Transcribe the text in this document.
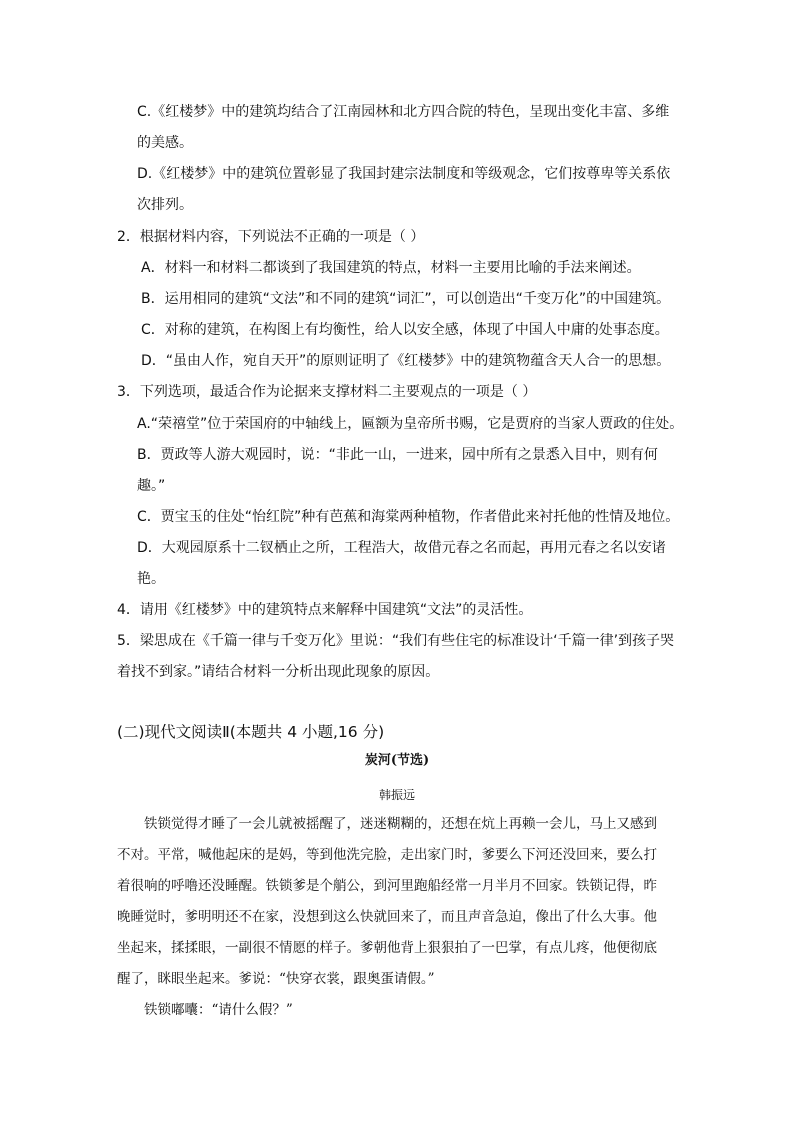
C.《红楼梦》中的建筑均结合了江南园林和北方四合院的特色，呈现出变化丰富、多维
的美感。
D.《红楼梦》中的建筑位置彰显了我国封建宗法制度和等级观念，它们按尊卑等关系依
次排列。
2．根据材料内容，下列说法不正确的一项是（ ）
A．材料一和材料二都谈到了我国建筑的特点，材料一主要用比喻的手法来阐述。
B．运用相同的建筑“文法”和不同的建筑“词汇”，可以创造出“千变万化”的中国建筑。
C．对称的建筑，在构图上有均衡性，给人以安全感，体现了中国人中庸的处事态度。
D．“虽由人作，宛自天开”的原则证明了《红楼梦》中的建筑物蕴含天人合一的思想。
3．下列选项，最适合作为论据来支撑材料二主要观点的一项是（ ）
A.“荣禧堂”位于荣国府的中轴线上，匾额为皇帝所书赐，它是贾府的当家人贾政的住处。
B．贾政等人游大观园时，说：“非此一山，一进来，园中所有之景悉入目中，则有何
趣。”
C．贾宝玉的住处“怡红院”种有芭蕉和海棠两种植物，作者借此来衬托他的性情及地位。
D．大观园原系十二钗栖止之所，工程浩大，故借元春之名而起，再用元春之名以安诸
艳。
4．请用《红楼梦》中的建筑特点来解释中国建筑“文法”的灵活性。
5．梁思成在《千篇一律与千变万化》里说：“我们有些住宅的标准设计‘千篇一律’到孩子哭
着找不到家。”请结合材料一分析出现此现象的原因。
(二)现代文阅读Ⅱ(本题共 4 小题,16 分)
炭河(节选)
韩振远
铁锁觉得才睡了一会儿就被摇醒了，迷迷糊糊的，还想在炕上再赖一会儿，马上又感到
不对。平常，喊他起床的是妈，等到他洗完脸，走出家门时，爹要么下河还没回来，要么打
着很响的呼噜还没睡醒。铁锁爹是个艄公，到河里跑船经常一月半月不回家。铁锁记得，昨
晚睡觉时，爹明明还不在家，没想到这么快就回来了，而且声音急迫，像出了什么大事。他
坐起来，揉揉眼，一副很不情愿的样子。爹朝他背上狠狠拍了一巴掌，有点儿疼，他便彻底
醒了，眯眼坐起来。爹说：“快穿衣裳，跟奥蛋请假。”
铁锁嘟囔：“请什么假？”
